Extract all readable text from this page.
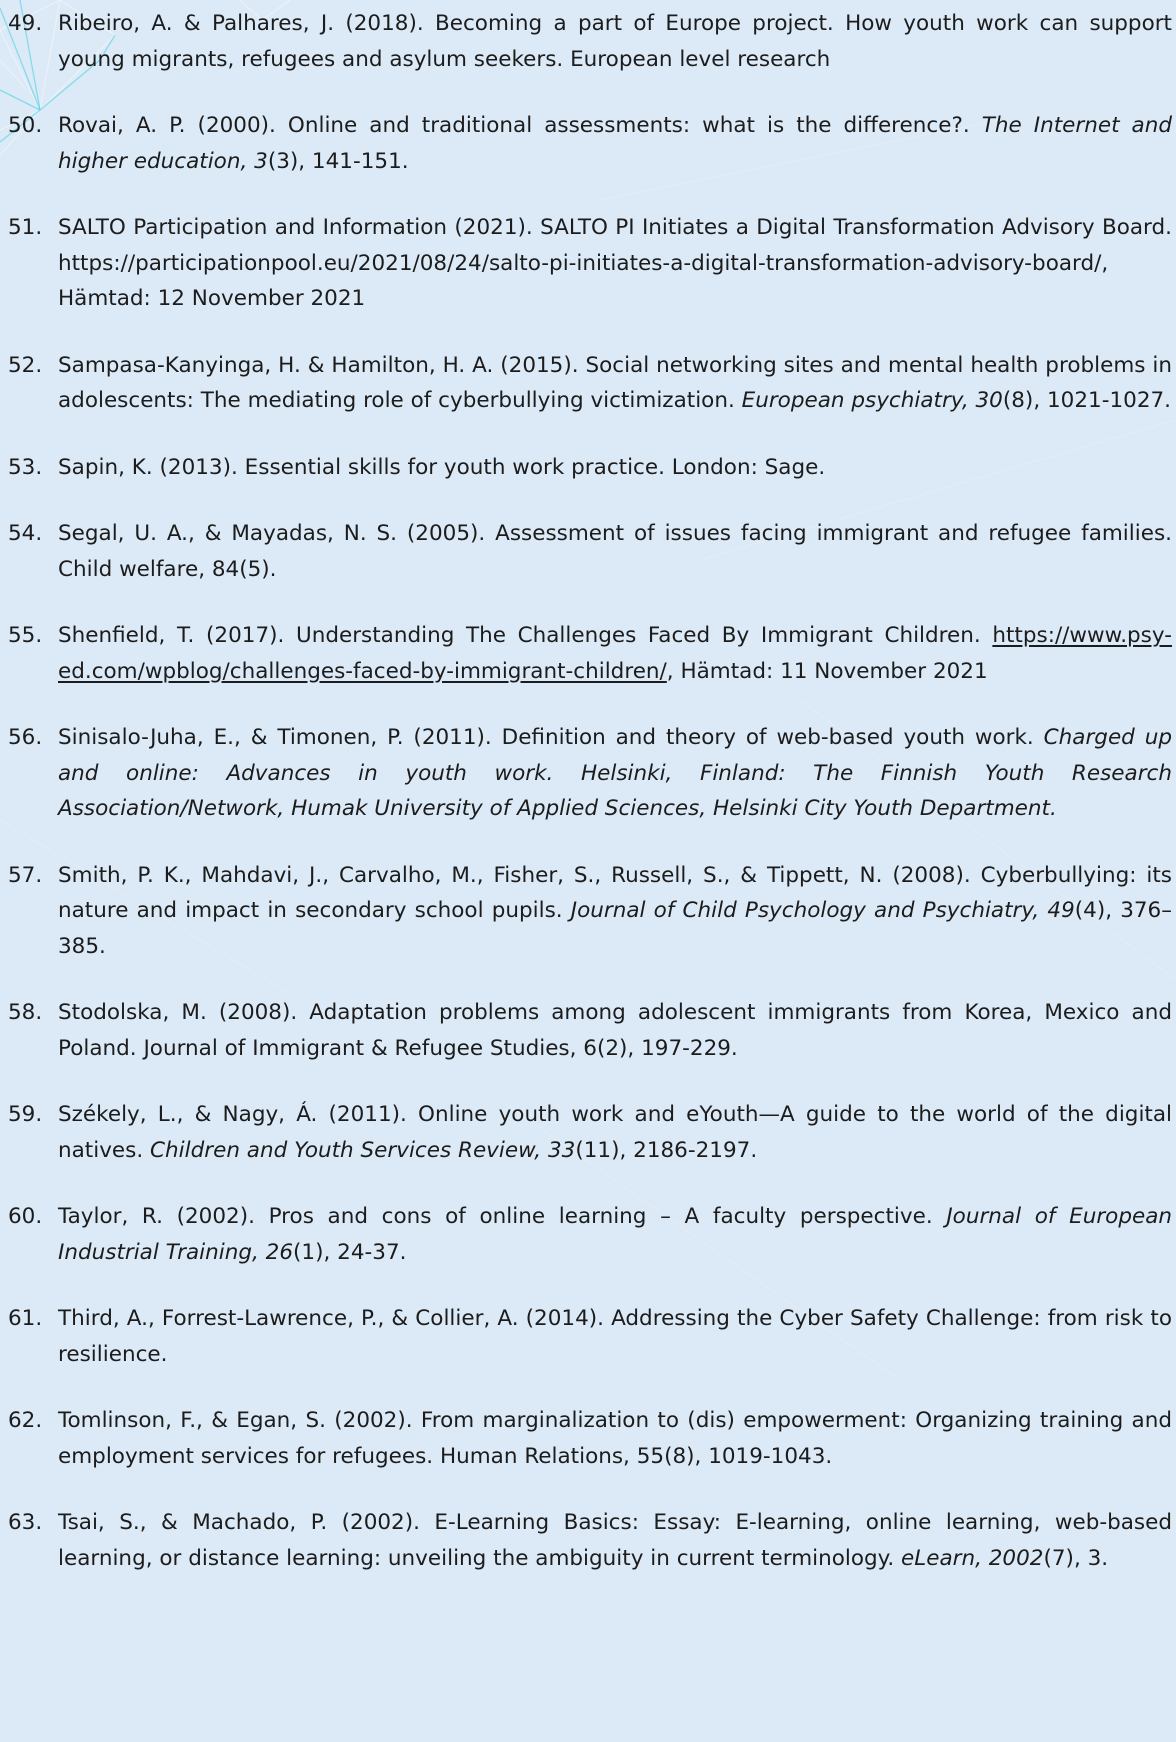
49. Ribeiro, A. & Palhares, J. (2018). Becoming a part of Europe project. How youth work can support young migrants, refugees and asylum seekers. European level research
50. Rovai, A. P. (2000). Online and traditional assessments: what is the difference?. The Internet and higher education, 3(3), 141-151.
51. SALTO Participation and Information (2021). SALTO PI Initiates a Digital Transformation Advisory Board. https://participationpool.eu/2021/08/24/salto-pi-initiates-a-digital-transformation-advisory-board/, Hämtad: 12 November 2021
52. Sampasa-Kanyinga, H. & Hamilton, H. A. (2015). Social networking sites and mental health problems in adolescents: The mediating role of cyberbullying victimization. European psychiatry, 30(8), 1021-1027.
53. Sapin, K. (2013). Essential skills for youth work practice. London: Sage.
54. Segal, U. A., & Mayadas, N. S. (2005). Assessment of issues facing immigrant and refugee families. Child welfare, 84(5).
55. Shenfield, T. (2017). Understanding The Challenges Faced By Immigrant Children. https://www.psy-ed.com/wpblog/challenges-faced-by-immigrant-children/, Hämtad: 11 November 2021
56. Sinisalo-Juha, E., & Timonen, P. (2011). Definition and theory of web-based youth work. Charged up and online: Advances in youth work. Helsinki, Finland: The Finnish Youth Research Association/Network, Humak University of Applied Sciences, Helsinki City Youth Department.
57. Smith, P. K., Mahdavi, J., Carvalho, M., Fisher, S., Russell, S., & Tippett, N. (2008). Cyberbullying: its nature and impact in secondary school pupils. Journal of Child Psychology and Psychiatry, 49(4), 376–385.
58. Stodolska, M. (2008). Adaptation problems among adolescent immigrants from Korea, Mexico and Poland. Journal of Immigrant & Refugee Studies, 6(2), 197-229.
59. Székely, L., & Nagy, Á. (2011). Online youth work and eYouth—A guide to the world of the digital natives. Children and Youth Services Review, 33(11), 2186-2197.
60. Taylor, R. (2002). Pros and cons of online learning – A faculty perspective. Journal of European Industrial Training, 26(1), 24-37.
61. Third, A., Forrest-Lawrence, P., & Collier, A. (2014). Addressing the Cyber Safety Challenge: from risk to resilience.
62. Tomlinson, F., & Egan, S. (2002). From marginalization to (dis) empowerment: Organizing training and employment services for refugees. Human Relations, 55(8), 1019-1043.
63. Tsai, S., & Machado, P. (2002). E-Learning Basics: Essay: E-learning, online learning, web-based learning, or distance learning: unveiling the ambiguity in current terminology. eLearn, 2002(7), 3.
